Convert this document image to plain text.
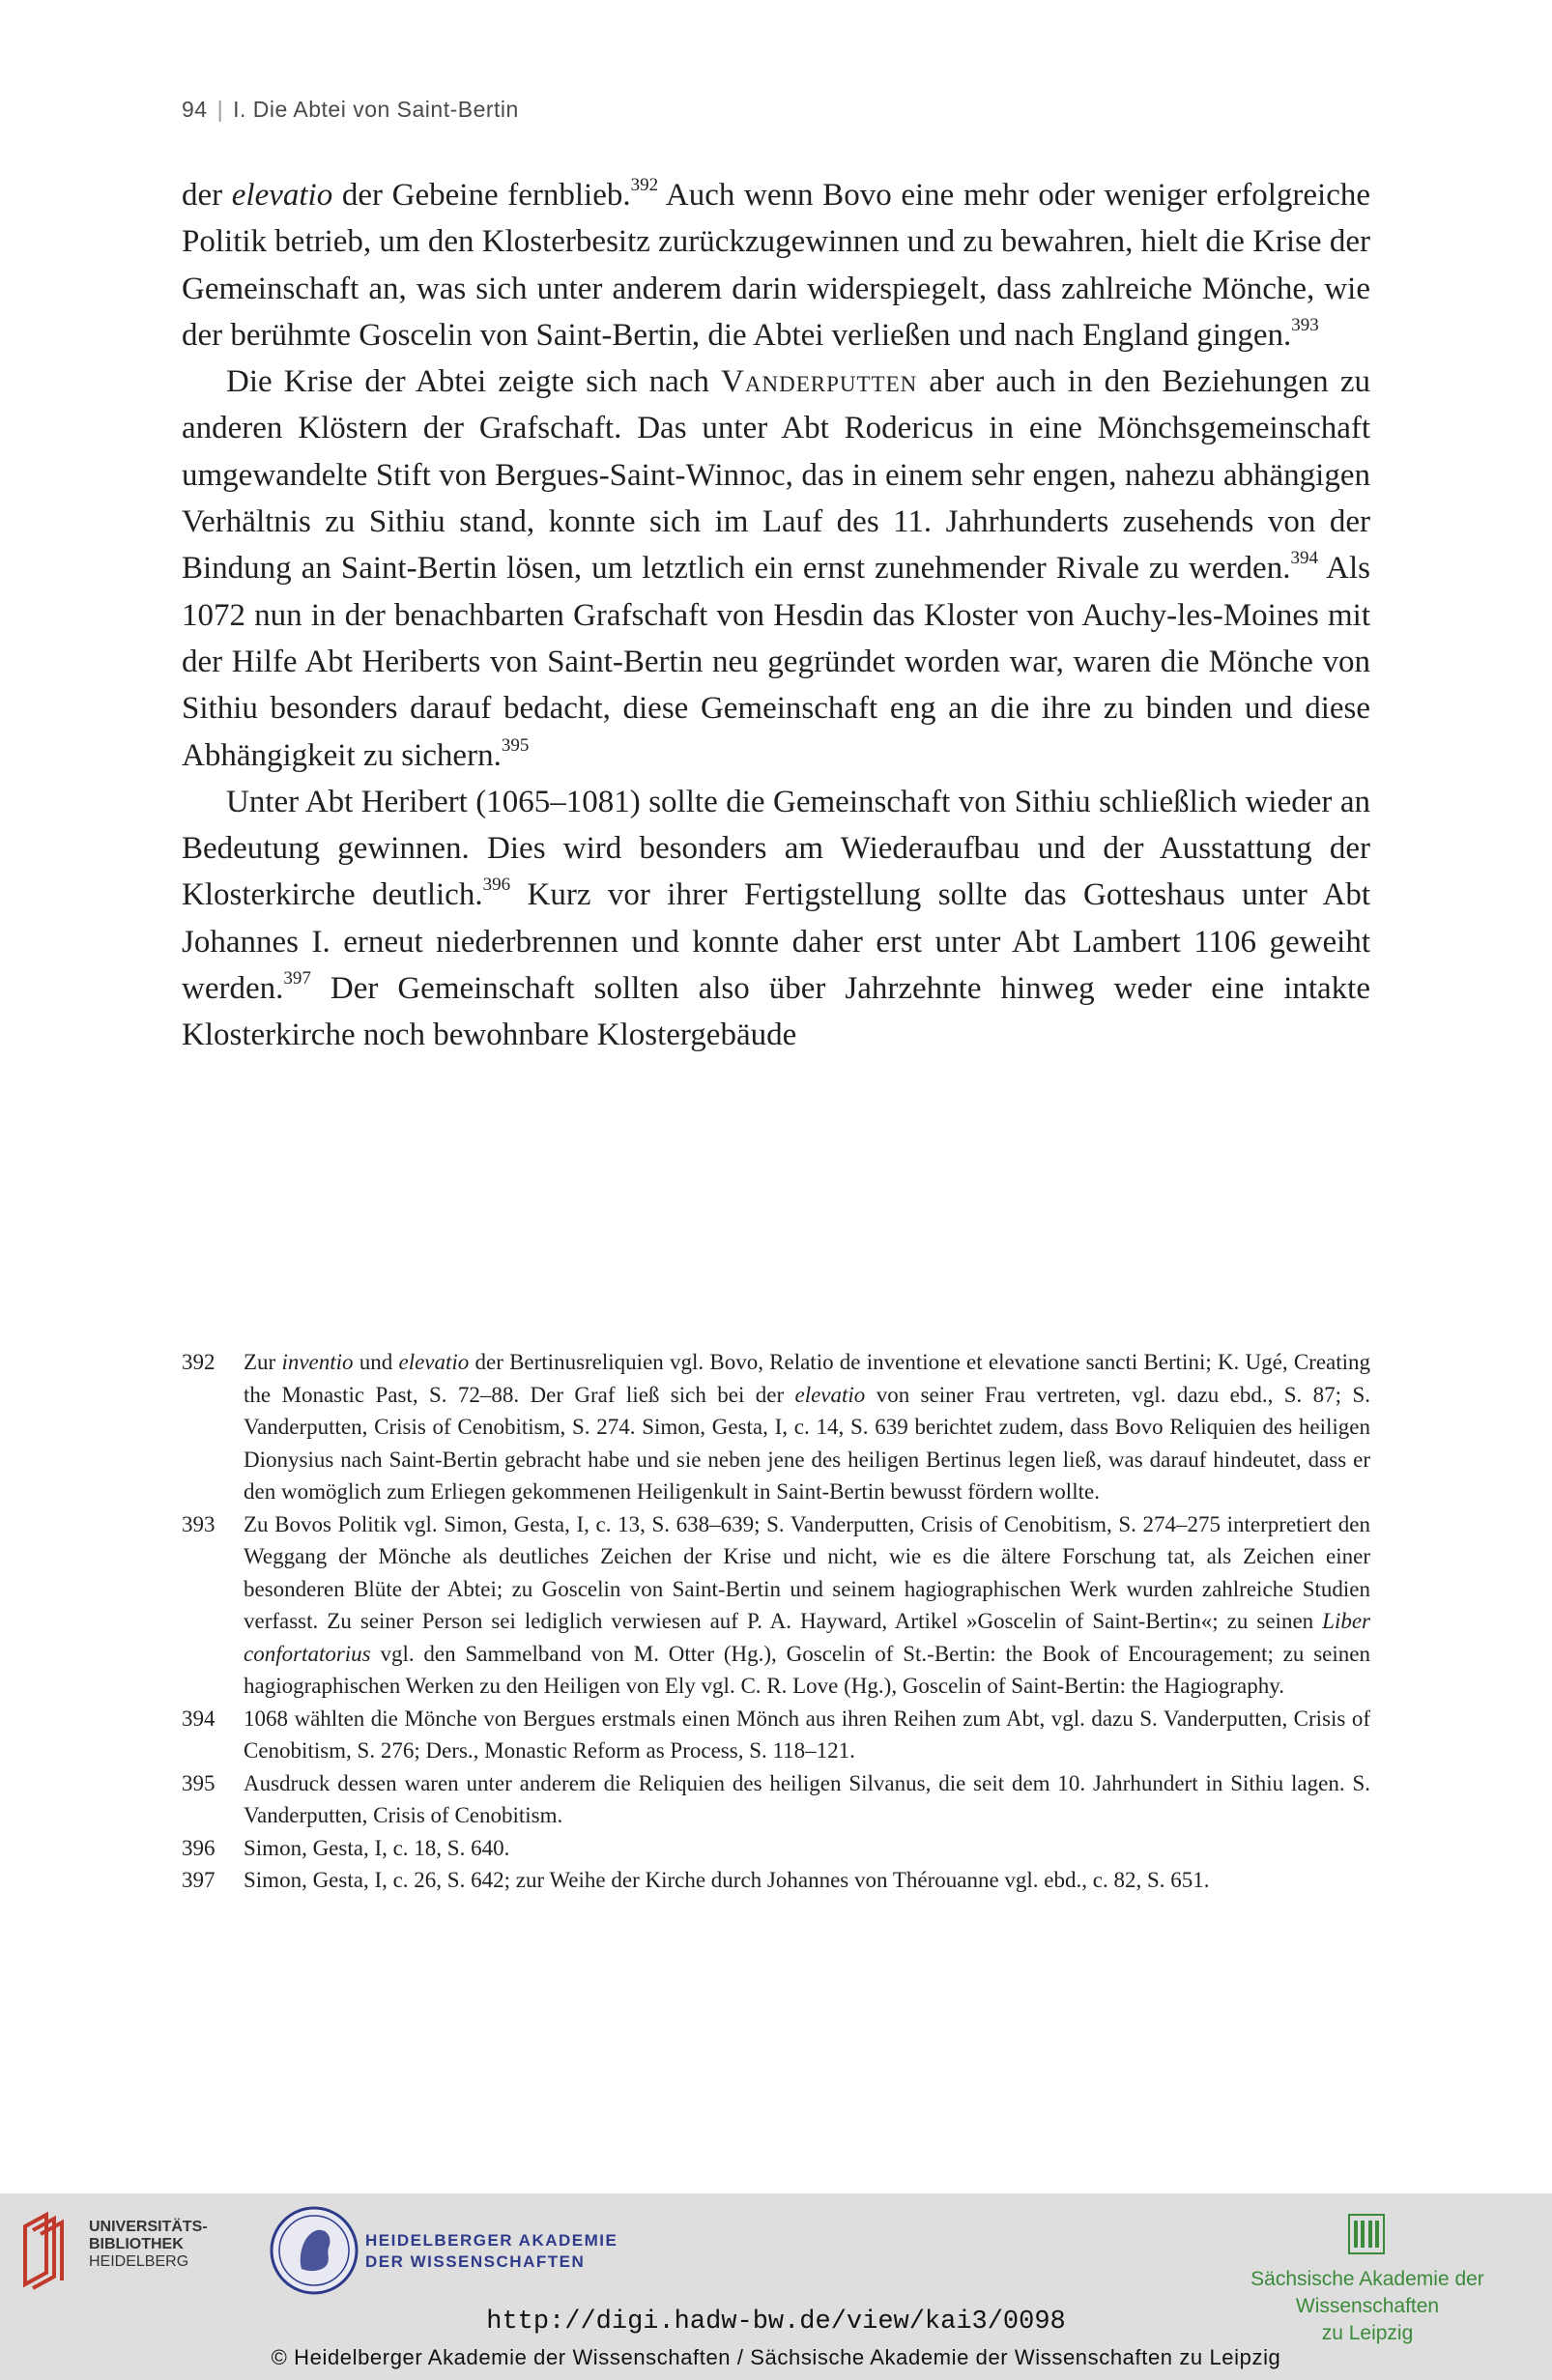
94 | I. Die Abtei von Saint-Bertin

der elevatio der Gebeine fernblieb.$^{392}$ Auch wenn Bovo eine mehr oder weniger erfolgreiche Politik betrieb, um den Klosterbesitz zurückzugewinnen und zu bewahren, hielt die Krise der Gemeinschaft an, was sich unter anderem darin widerspiegelt, dass zahlreiche Mönche, wie der berühmte Goscelin von Saint-Bertin, die Abtei verließen und nach England gingen.$^{393}$

Die Krise der Abtei zeigte sich nach Vanderputten aber auch in den Beziehungen zu anderen Klöstern der Grafschaft. Das unter Abt Rodericus in eine Mönchsgemeinschaft umgewandelte Stift von Bergues-Saint-Winnoc, das in einem sehr engen, nahezu abhängigen Verhältnis zu Sithiu stand, konnte sich im Lauf des 11. Jahrhunderts zusehends von der Bindung an Saint-Bertin lösen, um letztlich ein ernst zunehmender Rivale zu werden.$^{394}$ Als 1072 nun in der benachbarten Grafschaft von Hesdin das Kloster von Auchy-les-Moines mit der Hilfe Abt Heriberts von Saint-Bertin neu gegründet worden war, waren die Mönche von Sithiu besonders darauf bedacht, diese Gemeinschaft eng an die ihre zu binden und diese Abhängigkeit zu sichern.$^{395}$

Unter Abt Heribert (1065–1081) sollte die Gemeinschaft von Sithiu schließlich wieder an Bedeutung gewinnen. Dies wird besonders am Wiederaufbau und der Ausstattung der Klosterkirche deutlich.$^{396}$ Kurz vor ihrer Fertigstellung sollte das Gotteshaus unter Abt Johannes I. erneut niederbrennen und konnte daher erst unter Abt Lambert 1106 geweiht werden.$^{397}$ Der Gemeinschaft sollten also über Jahrzehnte hinweg weder eine intakte Klosterkirche noch bewohnbare Klostergebäude

392	Zur inventio und elevatio der Bertinusreliquien vgl. Bovo, Relatio de inventione et elevatione sancti Bertini; K. Ugé, Creating the Monastic Past, S. 72–88. Der Graf ließ sich bei der elevatio von seiner Frau vertreten, vgl. dazu ebd., S. 87; S. Vanderputten, Crisis of Cenobitism, S. 274. Simon, Gesta, I, c. 14, S. 639 berichtet zudem, dass Bovo Reliquien des heiligen Dionysius nach Saint-Bertin gebracht habe und sie neben jene des heiligen Bertinus legen ließ, was darauf hindeutet, dass er den womöglich zum Erliegen gekommenen Heiligenkult in Saint-Bertin bewusst fördern wollte.
393	Zu Bovos Politik vgl. Simon, Gesta, I, c. 13, S. 638–639; S. Vanderputten, Crisis of Cenobitism, S. 274–275 interpretiert den Weggang der Mönche als deutliches Zeichen der Krise und nicht, wie es die ältere Forschung tat, als Zeichen einer besonderen Blüte der Abtei; zu Goscelin von Saint-Bertin und seinem hagiographischen Werk wurden zahlreiche Studien verfasst. Zu seiner Person sei lediglich verwiesen auf P. A. Hayward, Artikel »Goscelin of Saint-Bertin«; zu seinen Liber confortatorius vgl. den Sammelband von M. Otter (Hg.), Goscelin of St.-Bertin: the Book of Encouragement; zu seinen hagiographischen Werken zu den Heiligen von Ely vgl. C. R. Love (Hg.), Goscelin of Saint-Bertin: the Hagiography.
394	1068 wählten die Mönche von Bergues erstmals einen Mönch aus ihren Reihen zum Abt, vgl. dazu S. Vanderputten, Crisis of Cenobitism, S. 276; Ders., Monastic Reform as Process, S. 118–121.
395	Ausdruck dessen waren unter anderem die Reliquien des heiligen Silvanus, die seit dem 10. Jahrhundert in Sithiu lagen. S. Vanderputten, Crisis of Cenobitism.
396	Simon, Gesta, I, c. 18, S. 640.
397	Simon, Gesta, I, c. 26, S. 642; zur Weihe der Kirche durch Johannes von Thérouanne vgl. ebd., c. 82, S. 651.
UNIVERSITÄTS-
BIBLIOTHEK
HEIDELBERG
HEIDELBERGER AKADEMIE
DER WISSENSCHAFTEN
Sächsische Akademie der Wissenschaften
zu Leipzig
http://digi.hadw-bw.de/view/kai3/0098
© Heidelberger Akademie der Wissenschaften / Sächsische Akademie der Wissenschaften zu Leipzig
